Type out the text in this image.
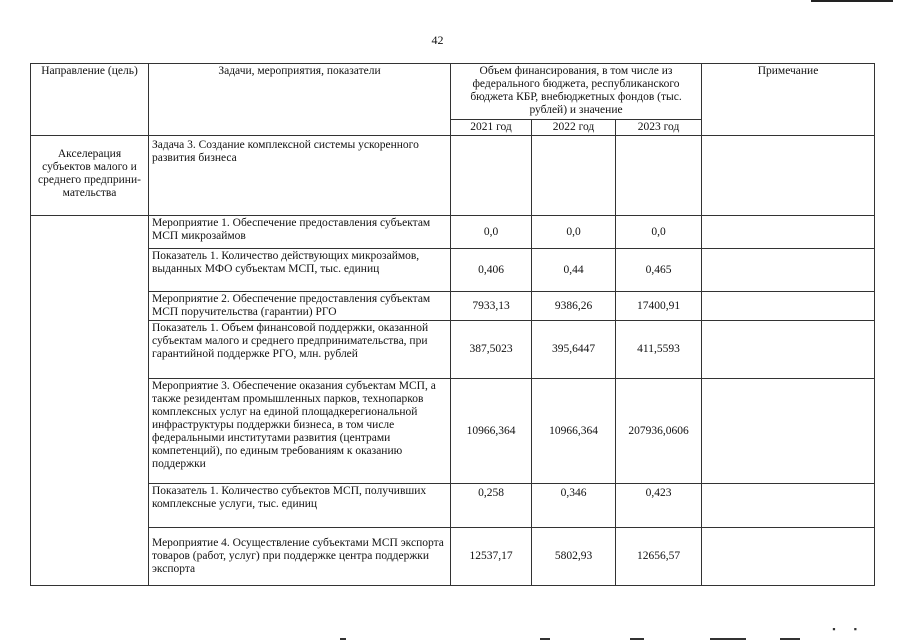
42
Направление (цель)	Задачи, мероприятия, показатели	Объем финансирования, в том числе из федерального бюджета, республиканского бюджета КБР, внебюджетных фондов (тыс. рублей) и значение			Примечание
		2021 год	2022 год	2023 год	
Акселерация субъектов малого и среднего предприни-мательства	Задача 3. Создание комплексной системы ускоренного развития бизнеса				
	Мероприятие 1. Обеспечение предоставления субъектам МСП микрозаймов	0,0	0,0	0,0	
	Показатель 1. Количество действующих микрозаймов, выданных МФО субъектам МСП, тыс. единиц	0,406	0,44	0,465	
	Мероприятие 2. Обеспечение предоставления субъектам МСП поручительства (гарантии) РГО	7933,13	9386,26	17400,91	
	Показатель 1. Объем финансовой поддержки, оказанной субъектам малого и среднего предпринимательства, при гарантийной поддержке РГО, млн. рублей	387,5023	395,6447	411,5593	
	Мероприятие 3. Обеспечение оказания субъектам МСП, а также резидентам промышленных парков, технопарков комплексных услуг на единой площадкерегиональной инфраструктуры поддержки бизнеса, в том числе федеральными институтами развития (центрами компетенций), по единым требованиям к оказанию поддержки	10966,364	10966,364	207936,0606	
	Показатель 1. Количество субъектов МСП, получивших комплексные услуги, тыс. единиц	0,258	0,346	0,423	
	Мероприятие 4. Осуществление субъектами МСП экспорта товаров (работ, услуг) при поддержке центра поддержки экспорта	12537,17	5802,93	12656,57	
▪ ▪
